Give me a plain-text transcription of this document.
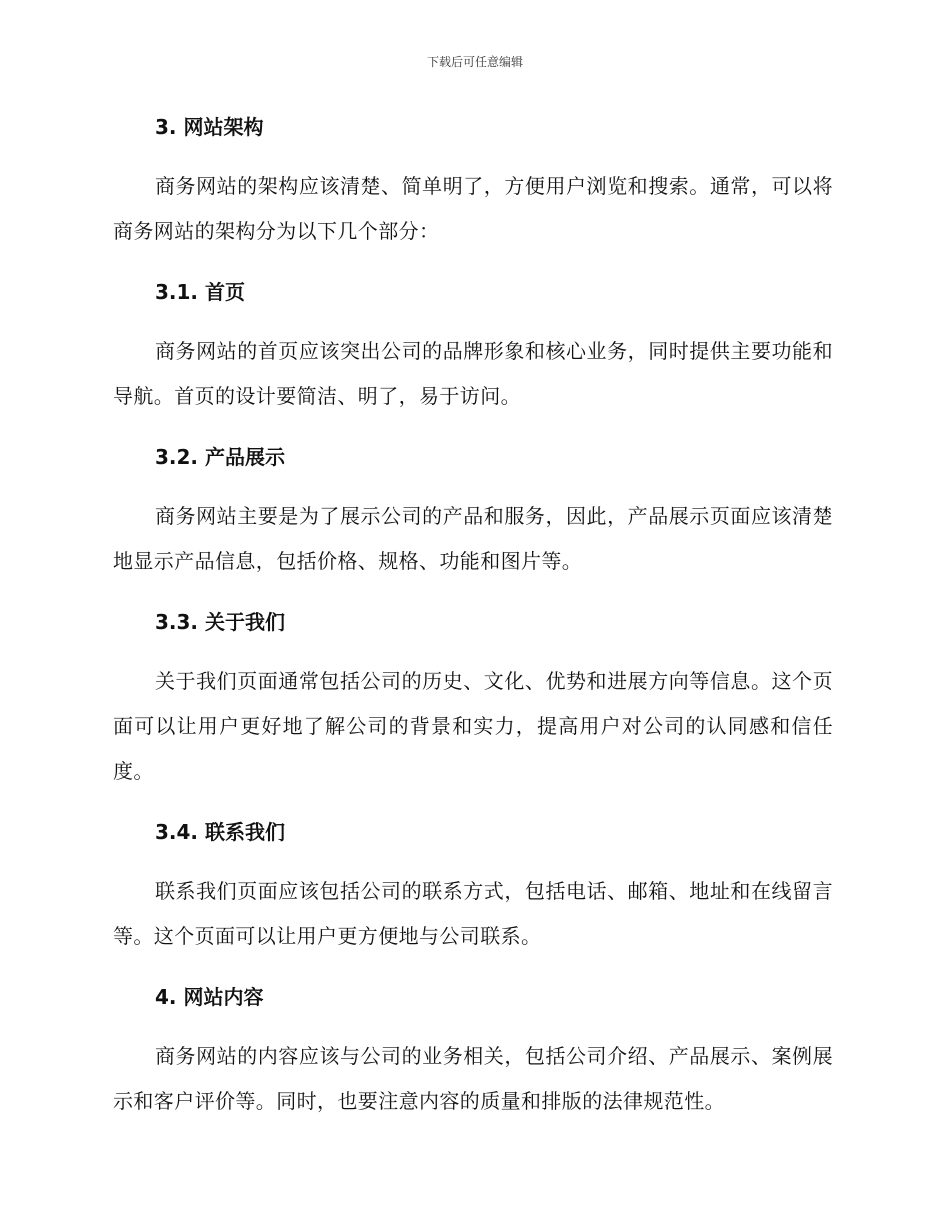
下载后可任意编辑
3. 网站架构

商务网站的架构应该清楚、简单明了，方便用户浏览和搜索。通常，可以将商务网站的架构分为以下几个部分：

3.1. 首页

商务网站的首页应该突出公司的品牌形象和核心业务，同时提供主要功能和导航。首页的设计要简洁、明了，易于访问。

3.2. 产品展示

商务网站主要是为了展示公司的产品和服务，因此，产品展示页面应该清楚地显示产品信息，包括价格、规格、功能和图片等。

3.3. 关于我们

关于我们页面通常包括公司的历史、文化、优势和进展方向等信息。这个页面可以让用户更好地了解公司的背景和实力，提高用户对公司的认同感和信任度。

3.4. 联系我们

联系我们页面应该包括公司的联系方式，包括电话、邮箱、地址和在线留言等。这个页面可以让用户更方便地与公司联系。

4. 网站内容

商务网站的内容应该与公司的业务相关，包括公司介绍、产品展示、案例展示和客户评价等。同时，也要注意内容的质量和排版的法律规范性。
